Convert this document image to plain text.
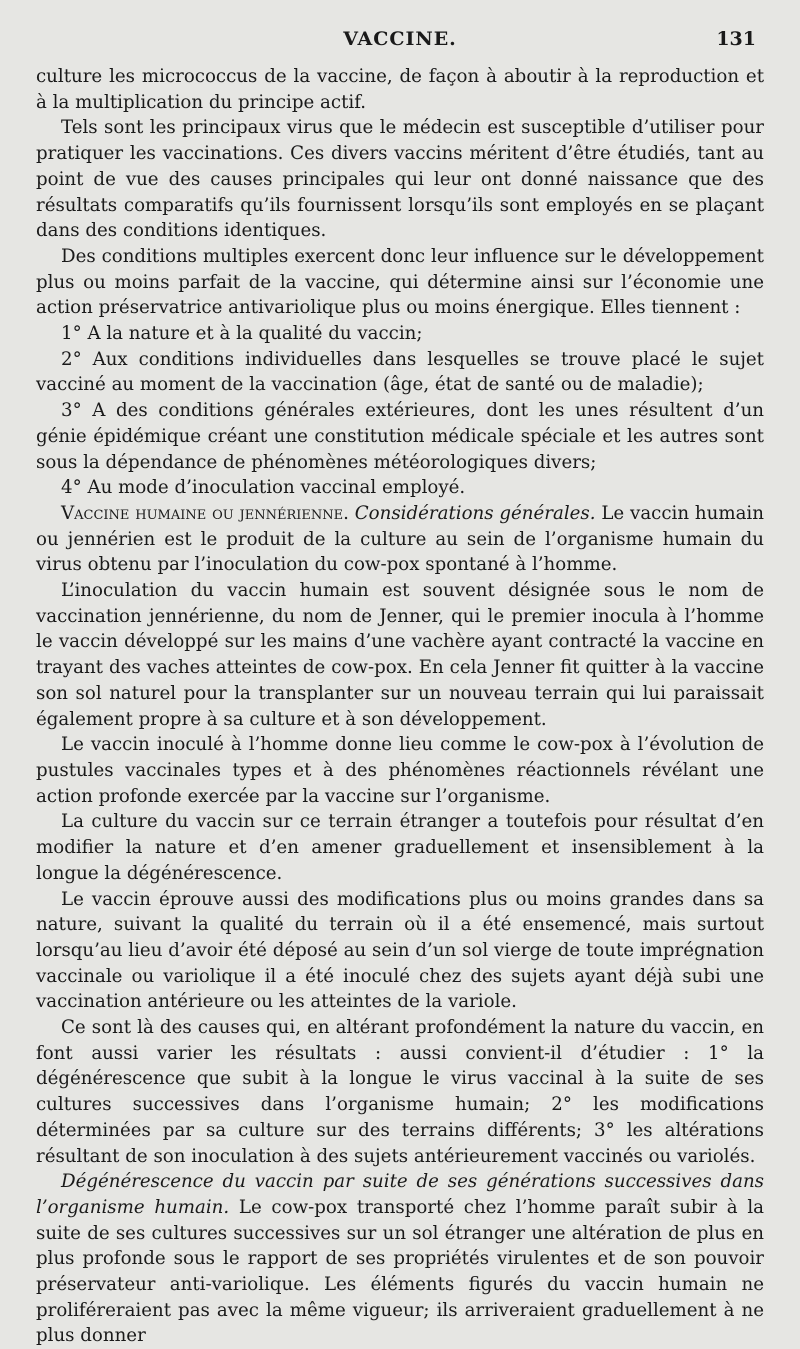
VACCINE.	131

culture les micrococcus de la vaccine, de façon à aboutir à la reproduction et à la multiplication du principe actif.

Tels sont les principaux virus que le médecin est susceptible d’utiliser pour pratiquer les vaccinations. Ces divers vaccins méritent d’être étudiés, tant au point de vue des causes principales qui leur ont donné naissance que des résultats comparatifs qu’ils fournissent lorsqu’ils sont employés en se plaçant dans des conditions identiques.

Des conditions multiples exercent donc leur influence sur le développement plus ou moins parfait de la vaccine, qui détermine ainsi sur l’économie une action préservatrice antivariolique plus ou moins énergique. Elles tiennent :

1° A la nature et à la qualité du vaccin;

2° Aux conditions individuelles dans lesquelles se trouve placé le sujet vacciné au moment de la vaccination (âge, état de santé ou de maladie);

3° A des conditions générales extérieures, dont les unes résultent d’un génie épidémique créant une constitution médicale spéciale et les autres sont sous la dépendance de phénomènes météorologiques divers;

4° Au mode d’inoculation vaccinal employé.

Vaccine humaine ou jennérienne. Considérations générales. Le vaccin humain ou jennérien est le produit de la culture au sein de l’organisme humain du virus obtenu par l’inoculation du cow-pox spontané à l’homme.

L’inoculation du vaccin humain est souvent désignée sous le nom de vaccination jennérienne, du nom de Jenner, qui le premier inocula à l’homme le vaccin développé sur les mains d’une vachère ayant contracté la vaccine en trayant des vaches atteintes de cow-pox. En cela Jenner fit quitter à la vaccine son sol naturel pour la transplanter sur un nouveau terrain qui lui paraissait également propre à sa culture et à son développement.

Le vaccin inoculé à l’homme donne lieu comme le cow-pox à l’évolution de pustules vaccinales types et à des phénomènes réactionnels révélant une action profonde exercée par la vaccine sur l’organisme.

La culture du vaccin sur ce terrain étranger a toutefois pour résultat d’en modifier la nature et d’en amener graduellement et insensiblement à la longue la dégénérescence.

Le vaccin éprouve aussi des modifications plus ou moins grandes dans sa nature, suivant la qualité du terrain où il a été ensemencé, mais surtout lorsqu’au lieu d’avoir été déposé au sein d’un sol vierge de toute imprégnation vaccinale ou variolique il a été inoculé chez des sujets ayant déjà subi une vaccination antérieure ou les atteintes de la variole.

Ce sont là des causes qui, en altérant profondément la nature du vaccin, en font aussi varier les résultats : aussi convient-il d’étudier : 1° la dégénérescence que subit à la longue le virus vaccinal à la suite de ses cultures successives dans l’organisme humain; 2° les modifications déterminées par sa culture sur des terrains différents; 3° les altérations résultant de son inoculation à des sujets antérieurement vaccinés ou variolés.

Dégénérescence du vaccin par suite de ses générations successives dans l’organisme humain. Le cow-pox transporté chez l’homme paraît subir à la suite de ses cultures successives sur un sol étranger une altération de plus en plus profonde sous le rapport de ses propriétés virulentes et de son pouvoir préservateur anti-variolique. Les éléments figurés du vaccin humain ne proliféreraient pas avec la même vigueur; ils arriveraient graduellement à ne plus donner
